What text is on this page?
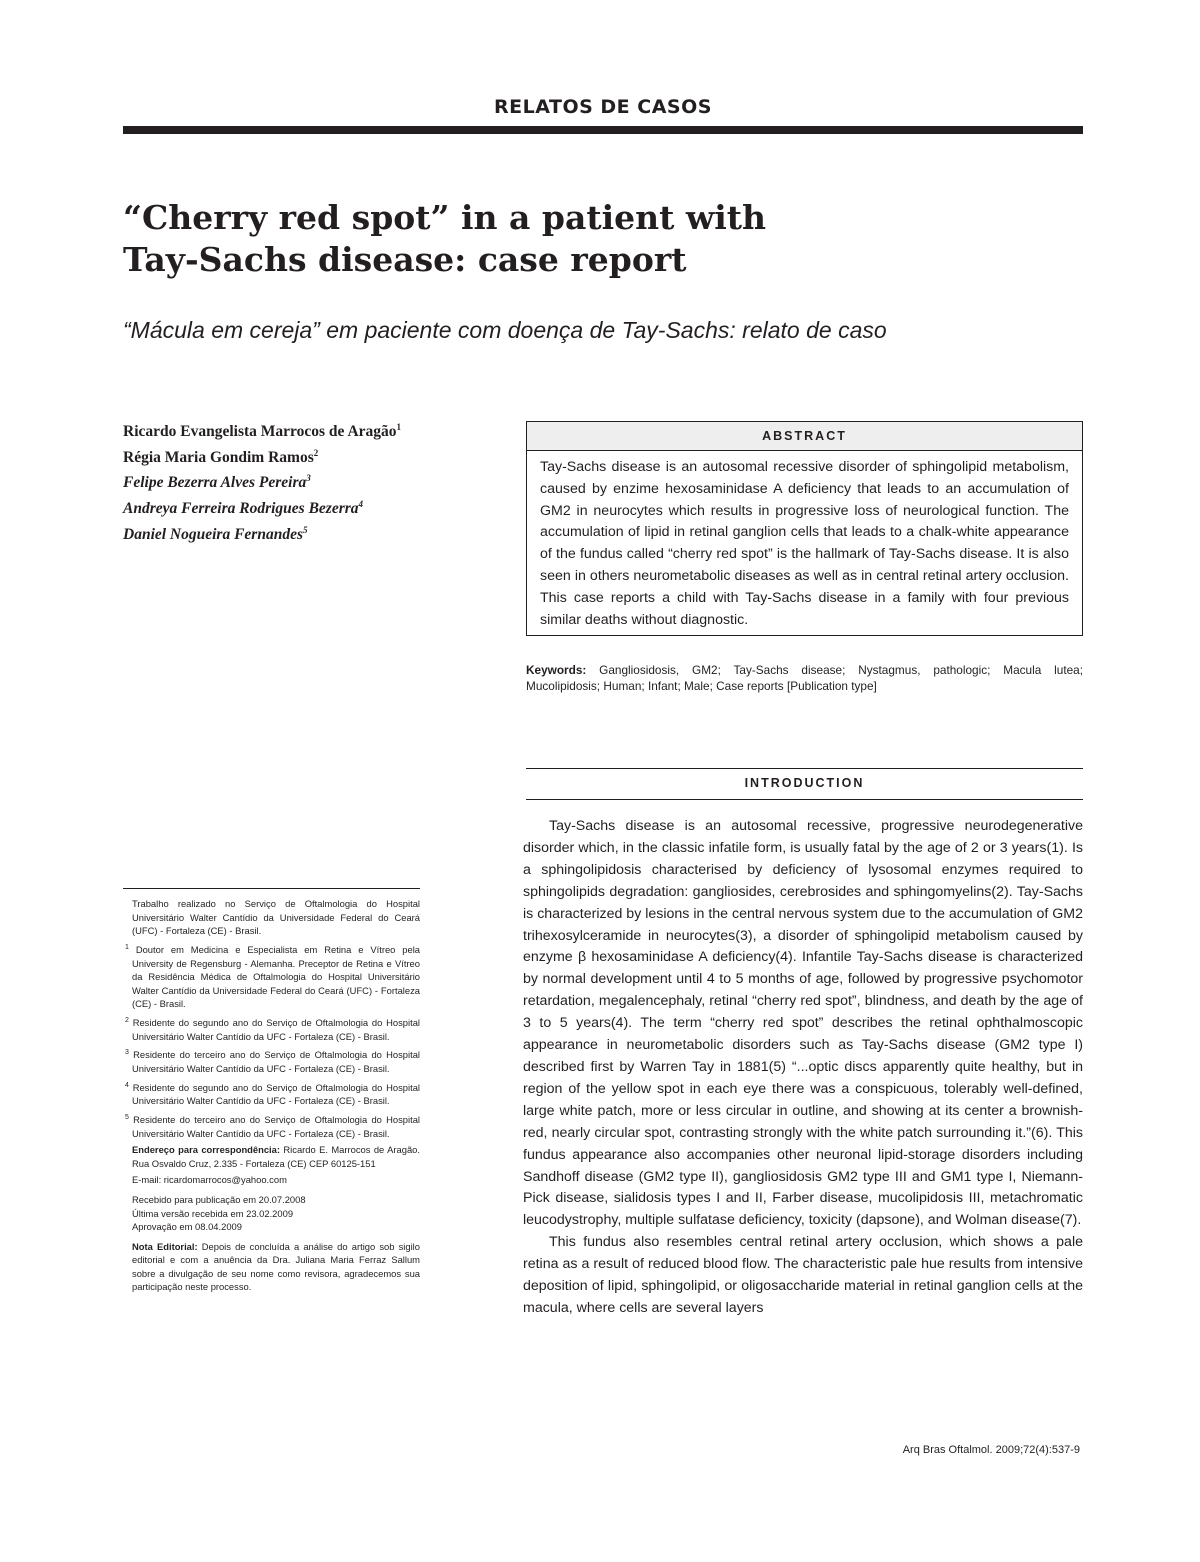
RELATOS DE CASOS
“Cherry red spot” in a patient with
Tay-Sachs disease: case report
“Mácula em cereja” em paciente com doença de Tay-Sachs: relato de caso
Ricardo Evangelista Marrocos de Aragão$^1$
Régia Maria Gondim Ramos$^2$
Felipe Bezerra Alves Pereira$^3$
Andreya Ferreira Rodrigues Bezerra$^4$
Daniel Nogueira Fernandes$^5$
ABSTRACT
Tay-Sachs disease is an autosomal recessive disorder of sphingolipid metabolism, caused by enzime hexosaminidase A deficiency that leads to an accumulation of GM2 in neurocytes which results in progressive loss of neurological function. The accumulation of lipid in retinal ganglion cells that leads to a chalk-white appearance of the fundus called “cherry red spot” is the hallmark of Tay-Sachs disease. It is also seen in others neurometabolic diseases as well as in central retinal artery occlusion. This case reports a child with Tay-Sachs disease in a family with four previous similar deaths without diagnostic.
Keywords: Gangliosidosis, GM2; Tay-Sachs disease; Nystagmus, pathologic; Macula lutea; Mucolipidosis; Human; Infant; Male; Case reports [Publication type]
INTRODUCTION

Tay-Sachs disease is an autosomal recessive, progressive neurodegenerative disorder which, in the classic infatile form, is usually fatal by the age of 2 or 3 years(1). Is a sphingolipidosis characterised by deficiency of lysosomal enzymes required to sphingolipids degradation: gangliosides, cerebrosides and sphingomyelins(2). Tay-Sachs is characterized by lesions in the central nervous system due to the accumulation of GM2 trihexosylceramide in neurocytes(3), a disorder of sphingolipid metabolism caused by enzyme β hexosaminidase A deficiency(4). Infantile Tay-Sachs disease is characterized by normal development until 4 to 5 months of age, followed by progressive psychomotor retardation, megalencephaly, retinal “cherry red spot”, blindness, and death by the age of 3 to 5 years(4). The term “cherry red spot” describes the retinal ophthalmoscopic appearance in neurometabolic disorders such as Tay-Sachs disease (GM2 type I) described first by Warren Tay in 1881(5) “...optic discs apparently quite healthy, but in region of the yellow spot in each eye there was a conspicuous, tolerably well-defined, large white patch, more or less circular in outline, and showing at its center a brownish-red, nearly circular spot, contrasting strongly with the white patch surrounding it.”(6). This fundus appearance also accompanies other neuronal lipid-storage disorders including Sandhoff disease (GM2 type II), gangliosidosis GM2 type III and GM1 type I, Niemann-Pick disease, sialidosis types I and II, Farber disease, mucolipidosis III, metachromatic leucodystrophy, multiple sulfatase deficiency, toxicity (dapsone), and Wolman disease(7).

This fundus also resembles central retinal artery occlusion, which shows a pale retina as a result of reduced blood flow. The characteristic pale hue results from intensive deposition of lipid, sphingolipid, or oligosaccharide material in retinal ganglion cells at the macula, where cells are several layers

Trabalho realizado no Serviço de Oftalmologia do Hospital Universitário Walter Cantídio da Universidade Federal do Ceará (UFC) - Fortaleza (CE) - Brasil.
$^1$ Doutor em Medicina e Especialista em Retina e Vítreo pela University de Regensburg - Alemanha. Preceptor de Retina e Vítreo da Residência Médica de Oftalmologia do Hospital Universitário Walter Cantídio da Universidade Federal do Ceará (UFC) - Fortaleza (CE) - Brasil.
$^2$ Residente do segundo ano do Serviço de Oftalmologia do Hospital Universitário Walter Cantídio da UFC - Fortaleza (CE) - Brasil.
$^3$ Residente do terceiro ano do Serviço de Oftalmologia do Hospital Universitário Walter Cantídio da UFC - Fortaleza (CE) - Brasil.
$^4$ Residente do segundo ano do Serviço de Oftalmologia do Hospital Universitário Walter Cantídio da UFC - Fortaleza (CE) - Brasil.
$^5$ Residente do terceiro ano do Serviço de Oftalmologia do Hospital Universitário Walter Cantídio da UFC - Fortaleza (CE) - Brasil.
Endereço para correspondência: Ricardo E. Marrocos de Aragão. Rua Osvaldo Cruz, 2.335 - Fortaleza (CE) CEP 60125-151
E-mail: ricardomarrocos@yahoo.com
Recebido para publicação em 20.07.2008
Última versão recebida em 23.02.2009
Aprovação em 08.04.2009
Nota Editorial: Depois de concluída a análise do artigo sob sigilo editorial e com a anuência da Dra. Juliana Maria Ferraz Sallum sobre a divulgação de seu nome como revisora, agradecemos sua participação neste processo.
Arq Bras Oftalmol. 2009;72(4):537-9
